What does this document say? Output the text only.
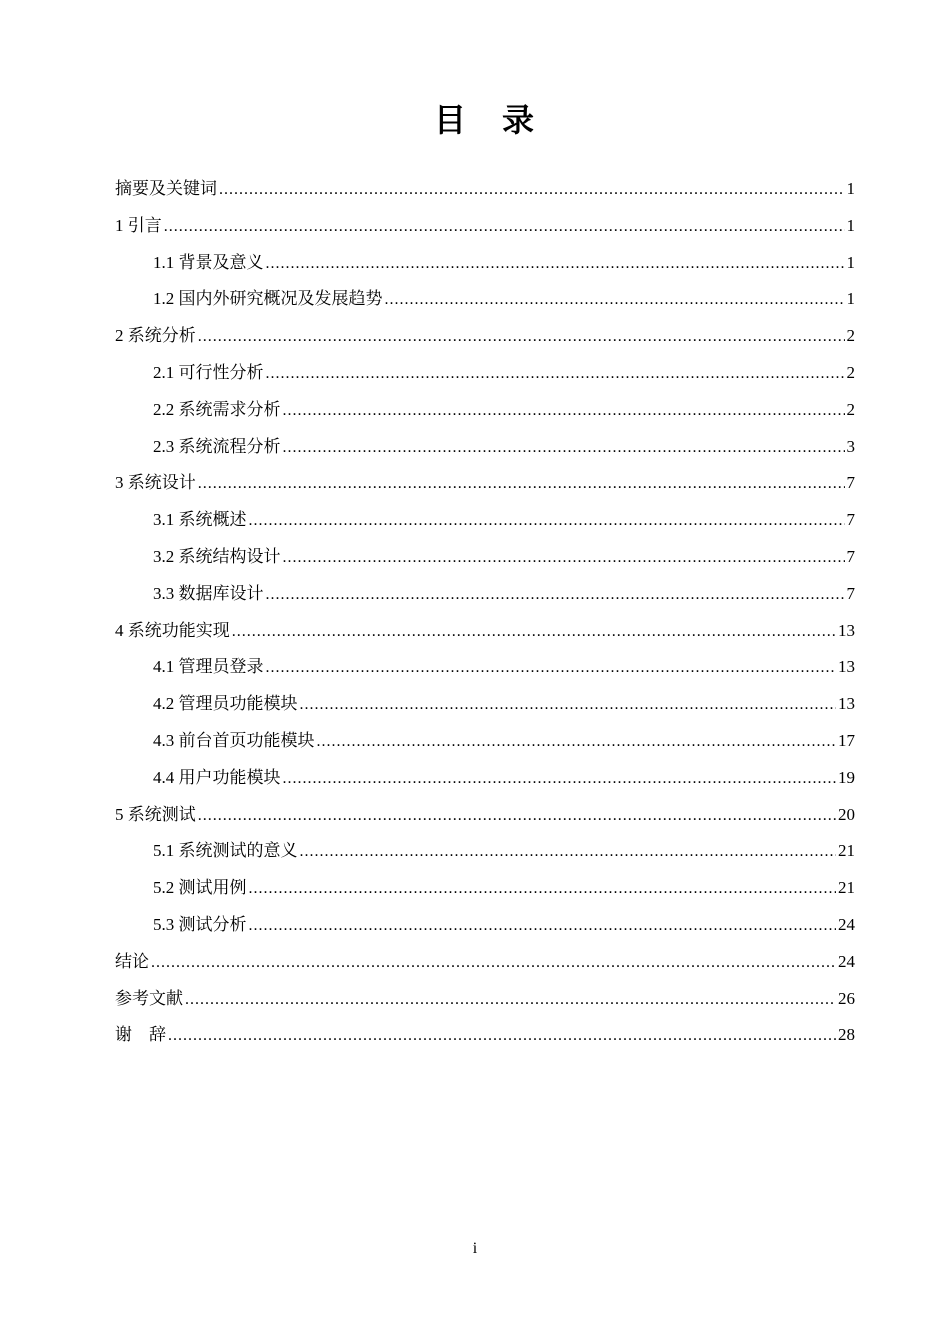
目　录
摘要及关键词 .....	1
1 引言 .....	1
1.1 背景及意义 .....	1
1.2 国内外研究概况及发展趋势 .....	1
2 系统分析 .....	2
2.1 可行性分析 .....	2
2.2 系统需求分析 .....	2
2.3 系统流程分析 .....	3
3 系统设计 .....	7
3.1 系统概述 .....	7
3.2 系统结构设计 .....	7
3.3 数据库设计 .....	7
4 系统功能实现 .....	13
4.1 管理员登录 .....	13
4.2 管理员功能模块 .....	13
4.3 前台首页功能模块 .....	17
4.4 用户功能模块 .....	19
5 系统测试 .....	20
5.1 系统测试的意义 .....	21
5.2 测试用例 .....	21
5.3 测试分析 .....	24
结论 .....	24
参考文献 .....	26
谢　辞 .....	28
i
